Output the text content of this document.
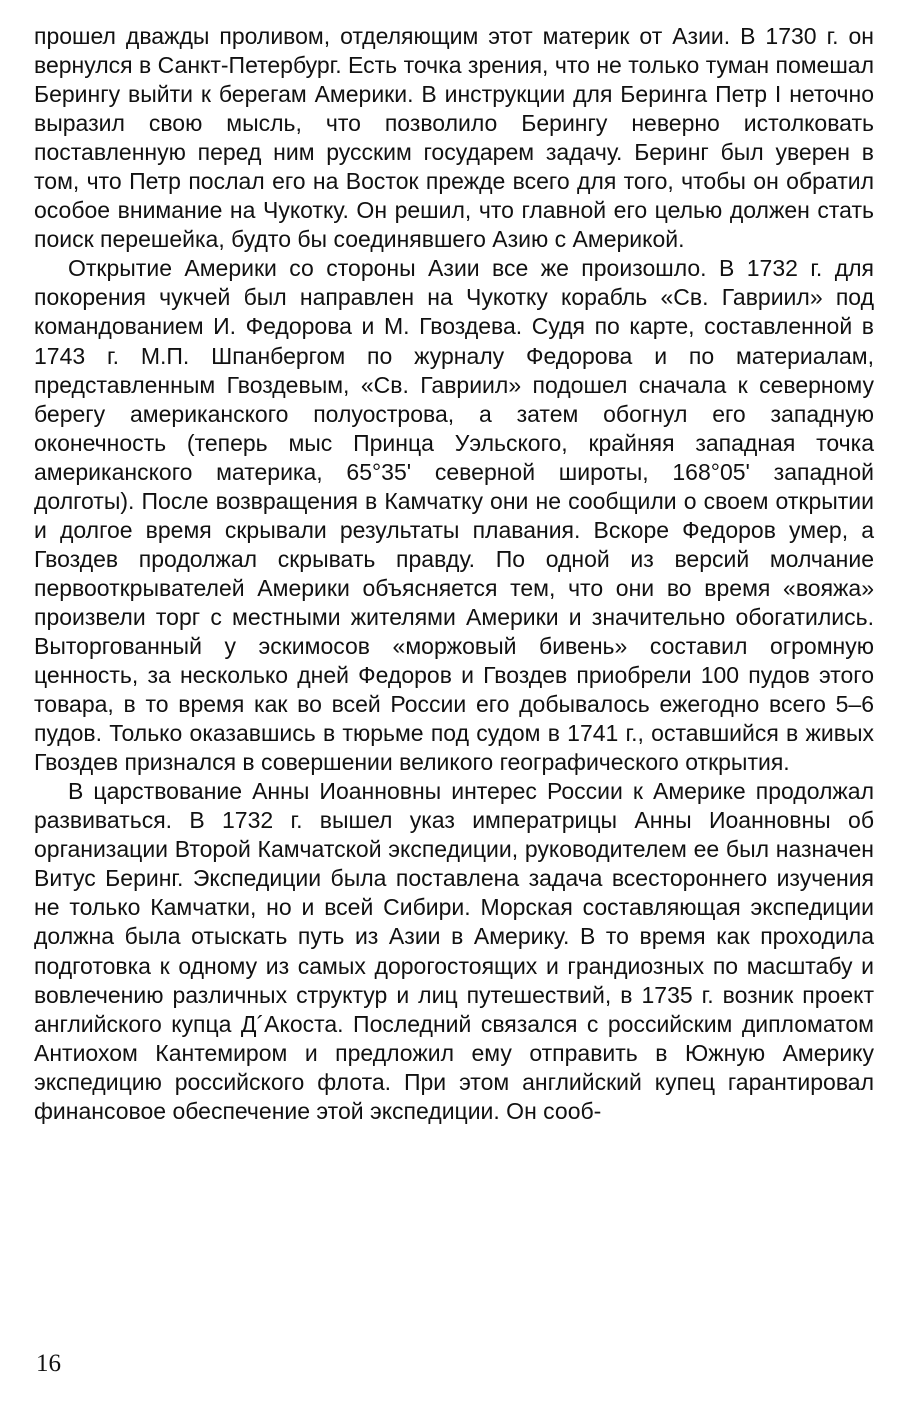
прошел дважды проливом, отделяющим этот материк от Азии. В 1730 г. он вернулся в Санкт-Петербург. Есть точка зрения, что не только туман помешал Берингу выйти к берегам Америки. В инструкции для Беринга Петр I неточно выразил свою мысль, что позволило Берингу неверно истолковать поставленную перед ним русским государем задачу. Беринг был уверен в том, что Петр послал его на Восток прежде всего для того, чтобы он обратил особое внимание на Чукотку. Он решил, что главной его целью должен стать поиск перешейка, будто бы соединявшего Азию с Америкой.

Открытие Америки со стороны Азии все же произошло. В 1732 г. для покорения чукчей был направлен на Чукотку корабль «Св. Гавриил» под командованием И. Федорова и М. Гвоздева. Судя по карте, составленной в 1743 г. М.П. Шпанбергом по журналу Федорова и по материалам, представленным Гвоздевым, «Св. Гавриил» подошел сначала к северному берегу американского полуострова, а затем обогнул его западную оконечность (теперь мыс Принца Уэльского, крайняя западная точка американского материка, 65°35' северной широты, 168°05' западной долготы). После возвращения в Камчатку они не сообщили о своем открытии и долгое время скрывали результаты плавания. Вскоре Федоров умер, а Гвоздев продолжал скрывать правду. По одной из версий молчание первооткрывателей Америки объясняется тем, что они во время «вояжа» произвели торг с местными жителями Америки и значительно обогатились. Выторгованный у эскимосов «моржовый бивень» составил огромную ценность, за несколько дней Федоров и Гвоздев приобрели 100 пудов этого товара, в то время как во всей России его добывалось ежегодно всего 5–6 пудов. Только оказавшись в тюрьме под судом в 1741 г., оставшийся в живых Гвоздев признался в совершении великого географического открытия.

В царствование Анны Иоанновны интерес России к Америке продолжал развиваться. В 1732 г. вышел указ императрицы Анны Иоанновны об организации Второй Камчатской экспедиции, руководителем ее был назначен Витус Беринг. Экспедиции была поставлена задача всестороннего изучения не только Камчатки, но и всей Сибири. Морская составляющая экспедиции должна была отыскать путь из Азии в Америку. В то время как проходила подготовка к одному из самых дорогостоящих и грандиозных по масштабу и вовлечению различных структур и лиц путешествий, в 1735 г. возник проект английского купца Д´Акоста. Последний связался с российским дипломатом Антиохом Кантемиром и предложил ему отправить в Южную Америку экспедицию российского флота. При этом английский купец гарантировал финансовое обеспечение этой экспедиции. Он сооб-

16
